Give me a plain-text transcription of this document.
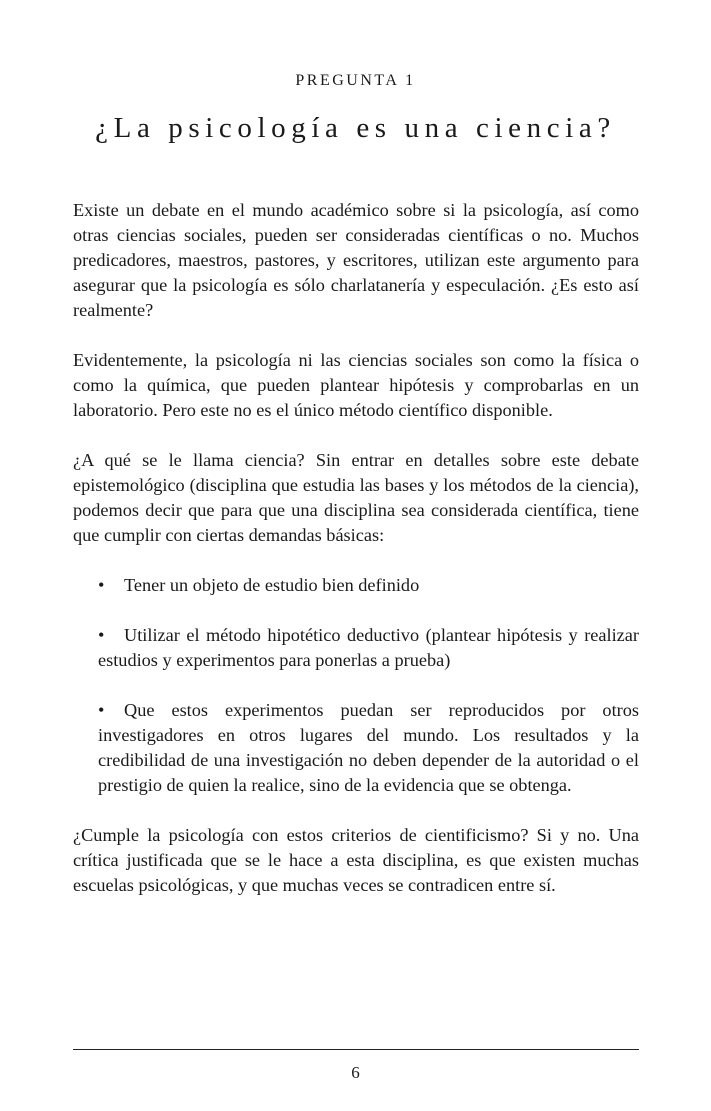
PREGUNTA 1
¿La psicología es una ciencia?

Existe un debate en el mundo académico sobre si la psicología, así como otras ciencias sociales, pueden ser consideradas científicas o no. Muchos predicadores, maestros, pastores, y escritores, utilizan este argumento para asegurar que la psicología es sólo charlatanería y especulación. ¿Es esto así realmente?

Evidentemente, la psicología ni las ciencias sociales son como la física o como la química, que pueden plantear hipótesis y comprobarlas en un laboratorio. Pero este no es el único método científico disponible.

¿A qué se le llama ciencia? Sin entrar en detalles sobre este debate epistemológico (disciplina que estudia las bases y los métodos de la ciencia), podemos decir que para que una disciplina sea considerada científica, tiene que cumplir con ciertas demandas básicas:

• Tener un objeto de estudio bien definido
• Utilizar el método hipotético deductivo (plantear hipótesis y realizar estudios y experimentos para ponerlas a prueba)
• Que estos experimentos puedan ser reproducidos por otros investigadores en otros lugares del mundo. Los resultados y la credibilidad de una investigación no deben depender de la autoridad o el prestigio de quien la realice, sino de la evidencia que se obtenga.

¿Cumple la psicología con estos criterios de cientificismo? Si y no. Una crítica justificada que se le hace a esta disciplina, es que existen muchas escuelas psicológicas, y que muchas veces se contradicen entre sí.

6
